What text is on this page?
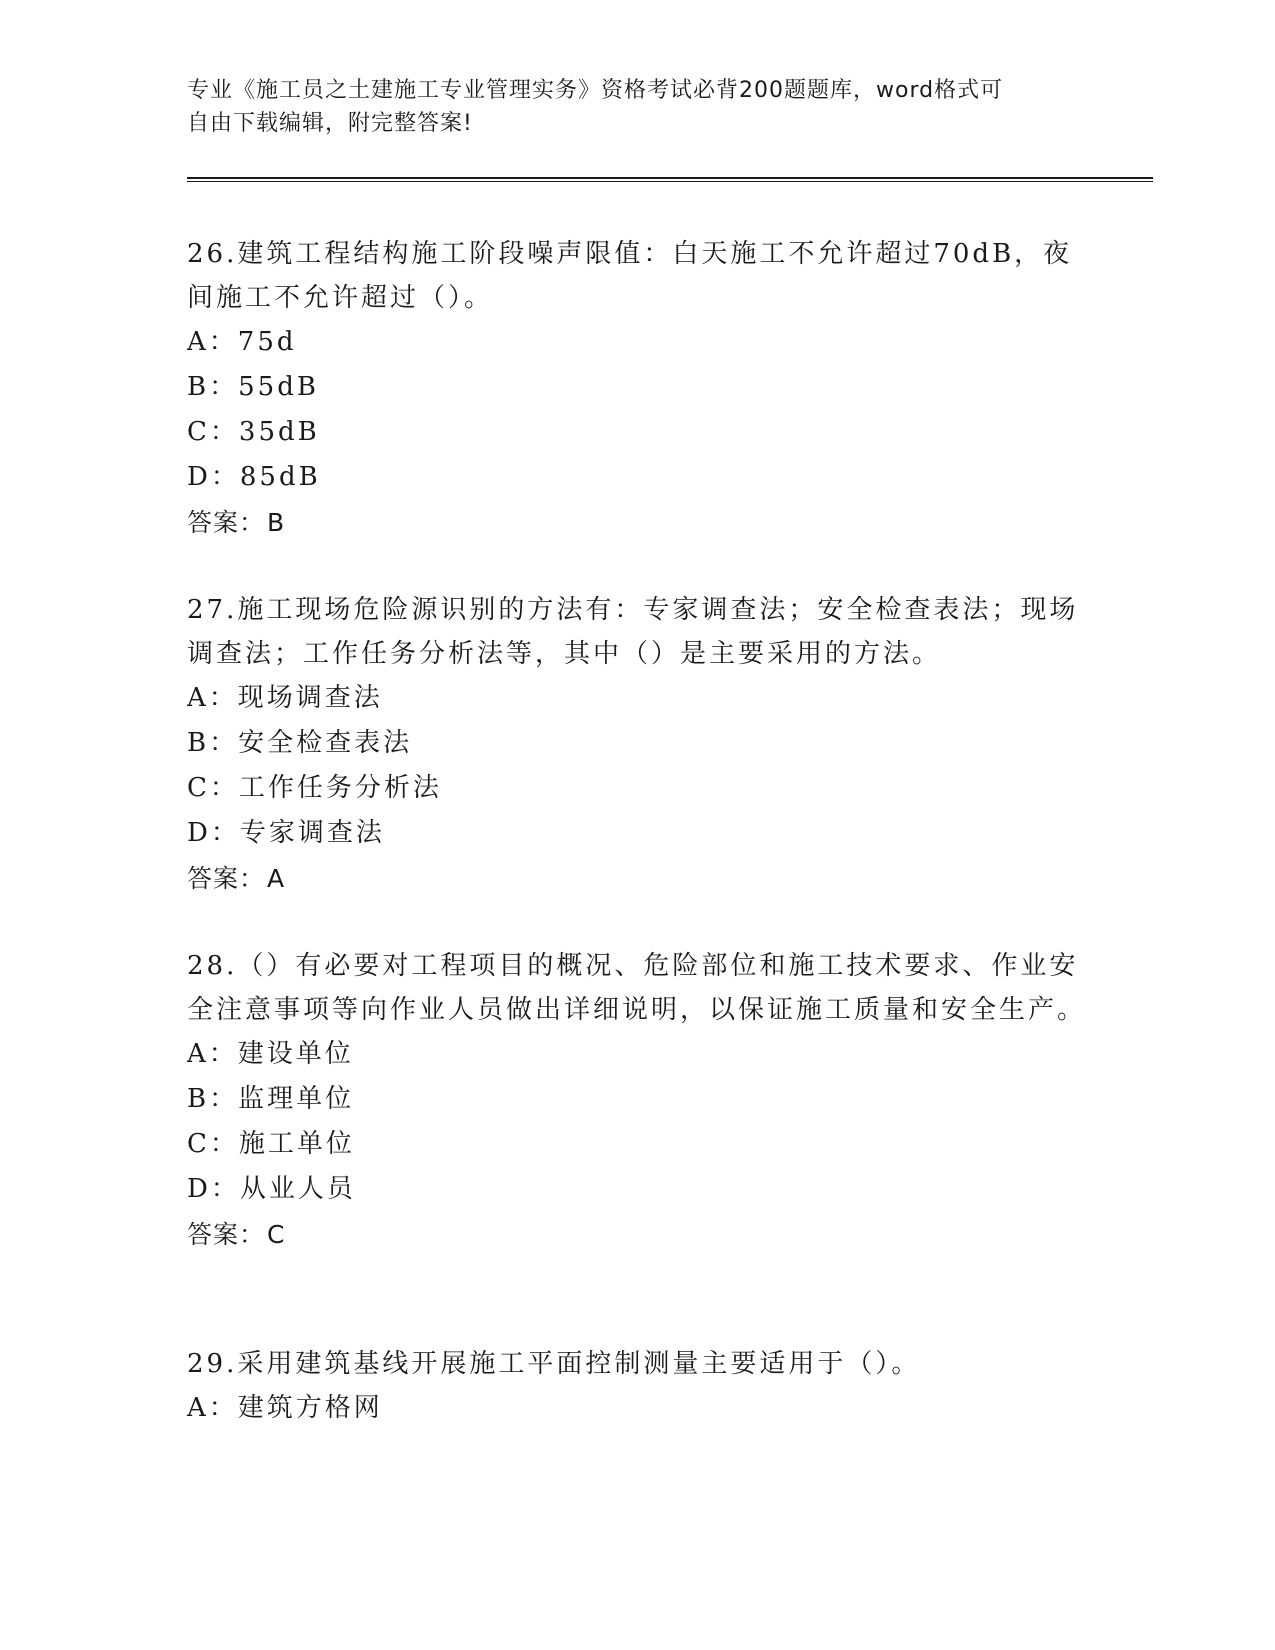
专业《施工员之土建施工专业管理实务》资格考试必背200题题库，word格式可
自由下载编辑，附完整答案!
26.建筑工程结构施工阶段噪声限值：白天施工不允许超过70dB，夜间施工不允许超过（）。
A：75d
B：55dB
C：35dB
D：85dB
答案：B
27.施工现场危险源识别的方法有：专家调查法；安全检查表法；现场调查法；工作任务分析法等，其中（）是主要采用的方法。
A：现场调查法
B：安全检查表法
C：工作任务分析法
D：专家调查法
答案：A
28.（）有必要对工程项目的概况、危险部位和施工技术要求、作业安全注意事项等向作业人员做出详细说明，以保证施工质量和安全生产。
A：建设单位
B：监理单位
C：施工单位
D：从业人员
答案：C
29.采用建筑基线开展施工平面控制测量主要适用于（）。
A：建筑方格网
